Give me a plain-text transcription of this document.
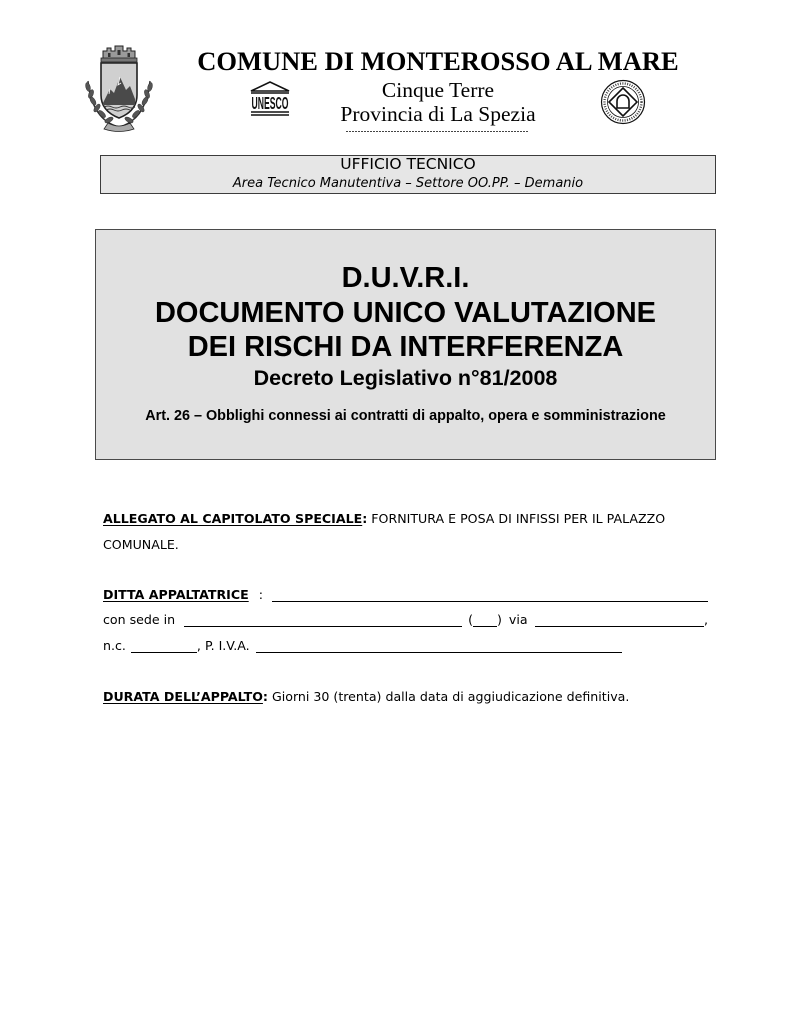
COMUNE DI MONTEROSSO AL MARE
Cinque Terre
Provincia di La Spezia
UNESCO
UFFICIO TECNICO
Area Tecnico Manutentiva – Settore OO.PP. – Demanio
D.U.V.R.I.
DOCUMENTO UNICO VALUTAZIONE
DEI RISCHI DA INTERFERENZA
Decreto Legislativo n°81/2008
Art. 26 – Obblighi connessi ai contratti di appalto, opera e somministrazione
ALLEGATO AL CAPITOLATO SPECIALE: FORNITURA E POSA DI INFISSI PER IL PALAZZO
COMUNALE.
DITTA APPALTATRICE :
con sede in	( ) via	,
n.c.	, P. I.V.A.
DURATA DELL’APPALTO: Giorni 30 (trenta) dalla data di aggiudicazione definitiva.
